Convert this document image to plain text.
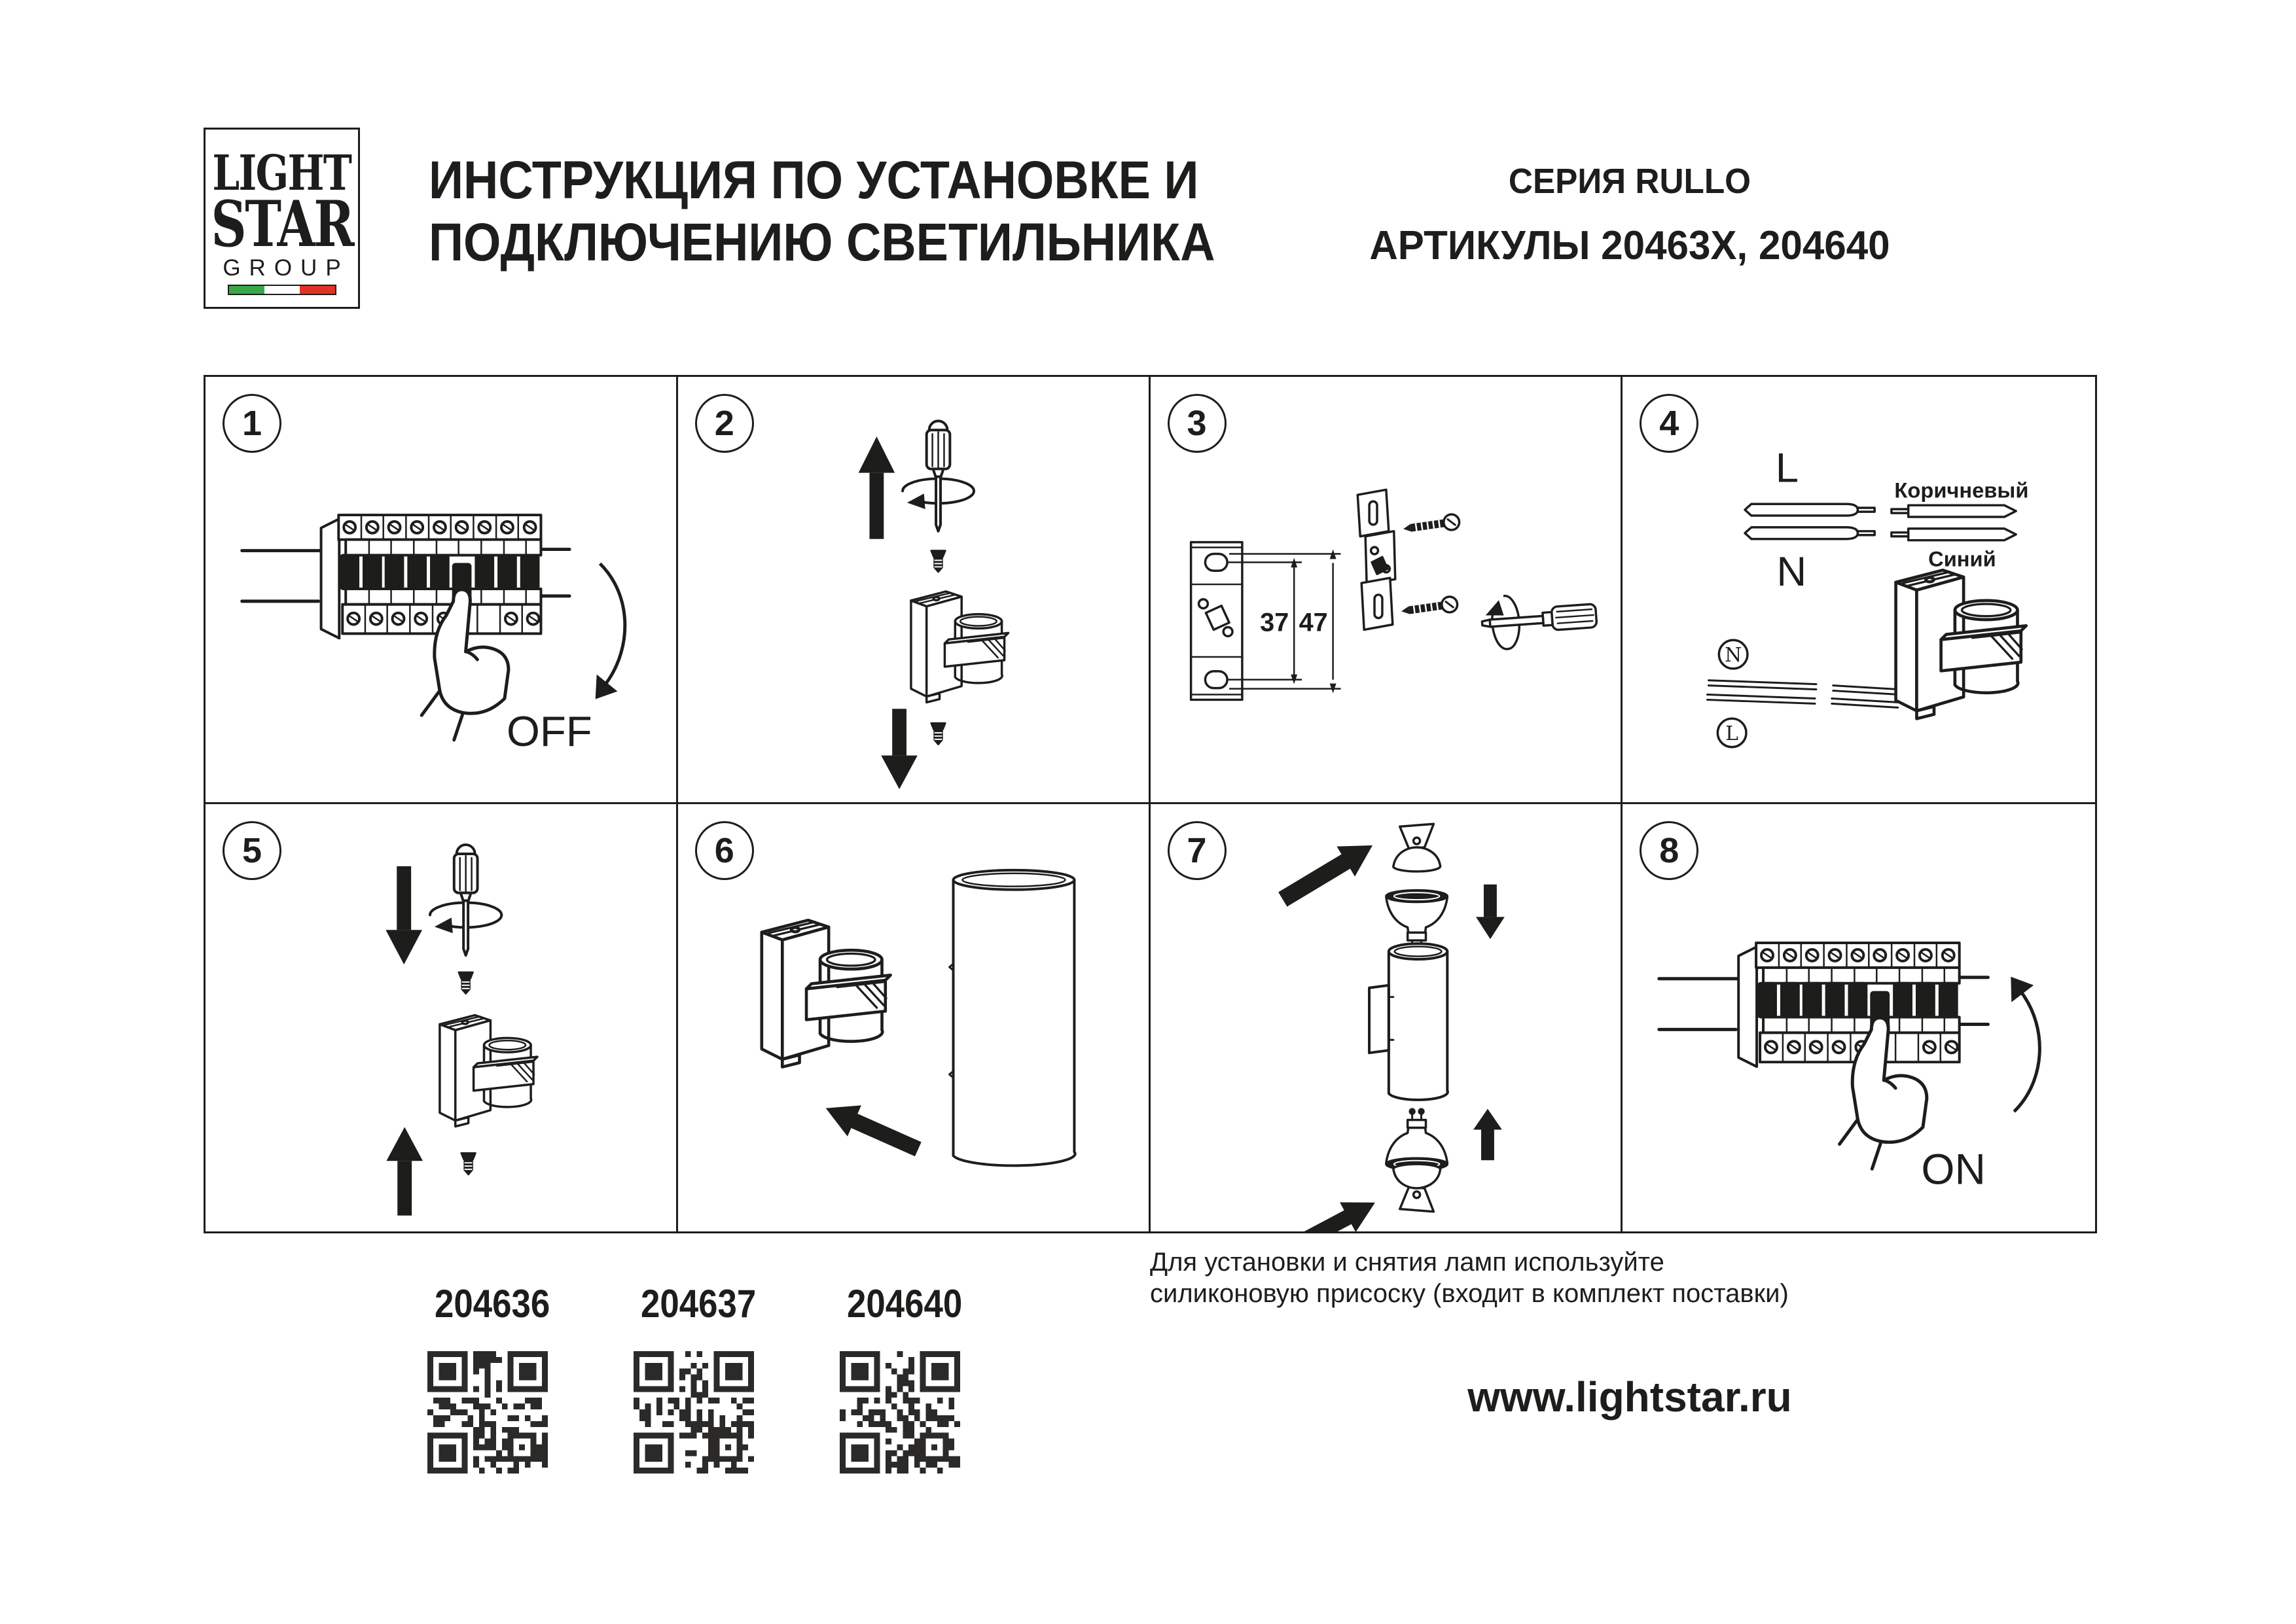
LIGHT
STAR
GROUP
ИНСТРУКЦИЯ ПО УСТАНОВКЕ И
ПОДКЛЮЧЕНИЮ СВЕТИЛЬНИКА
СЕРИЯ RULLO
АРТИКУЛЫ 20463X, 204640
1
OFF
2	3
37 47
4
L
N
Коричневый
Синий
N
L
5	6	7	8
ON
204636 204637 204640
Для установки и снятия ламп используйте
силиконовую присоску (входит в комплект поставки)
www.lightstar.ru
